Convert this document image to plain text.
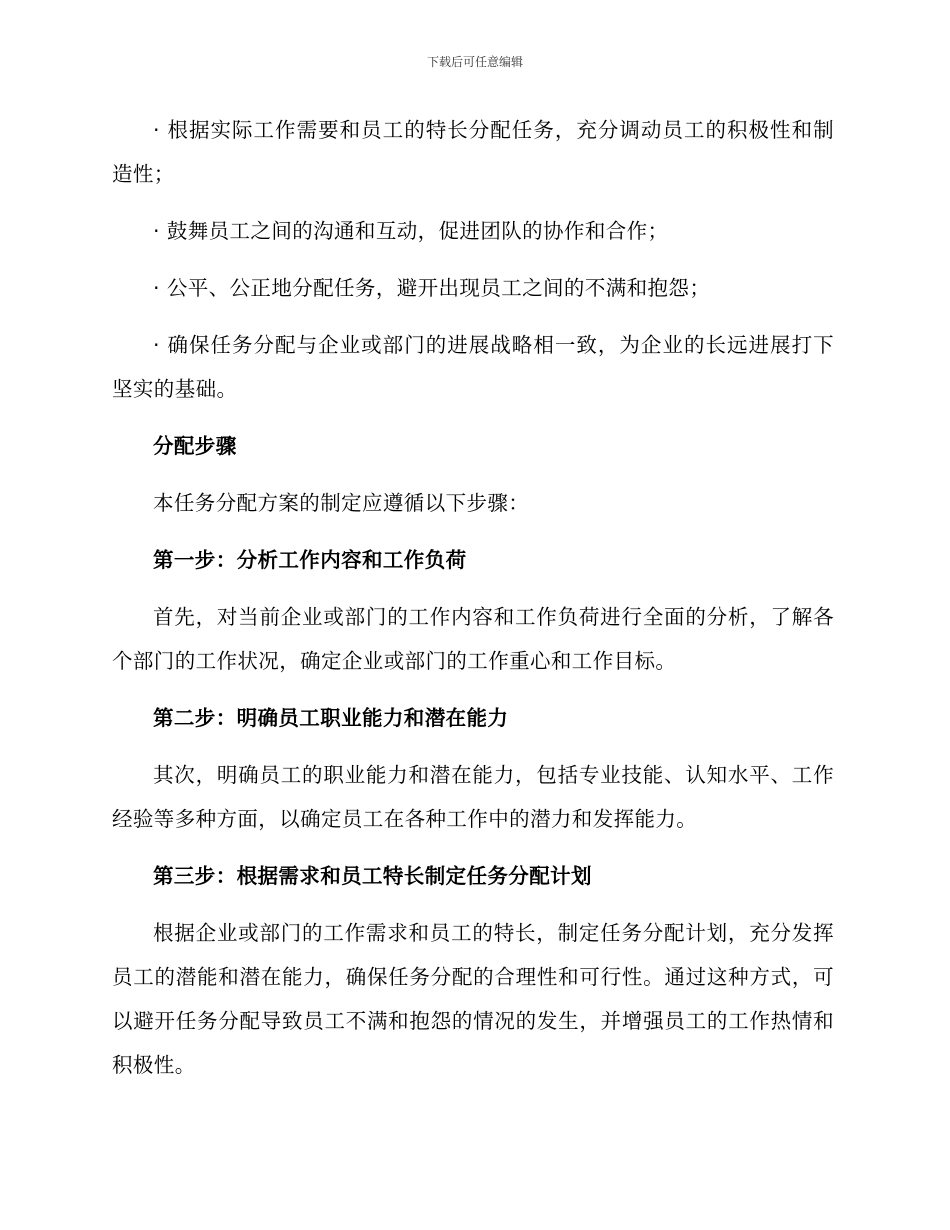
下载后可任意编辑

· 根据实际工作需要和员工的特长分配任务，充分调动员工的积极性和制造性；

· 鼓舞员工之间的沟通和互动，促进团队的协作和合作；

· 公平、公正地分配任务，避开出现员工之间的不满和抱怨；

· 确保任务分配与企业或部门的进展战略相一致，为企业的长远进展打下坚实的基础。

分配步骤

本任务分配方案的制定应遵循以下步骤：

第一步：分析工作内容和工作负荷

首先，对当前企业或部门的工作内容和工作负荷进行全面的分析，了解各个部门的工作状况，确定企业或部门的工作重心和工作目标。

第二步：明确员工职业能力和潜在能力

其次，明确员工的职业能力和潜在能力，包括专业技能、认知水平、工作经验等多种方面，以确定员工在各种工作中的潜力和发挥能力。

第三步：根据需求和员工特长制定任务分配计划

根据企业或部门的工作需求和员工的特长，制定任务分配计划，充分发挥员工的潜能和潜在能力，确保任务分配的合理性和可行性。通过这种方式，可以避开任务分配导致员工不满和抱怨的情况的发生，并增强员工的工作热情和积极性。
